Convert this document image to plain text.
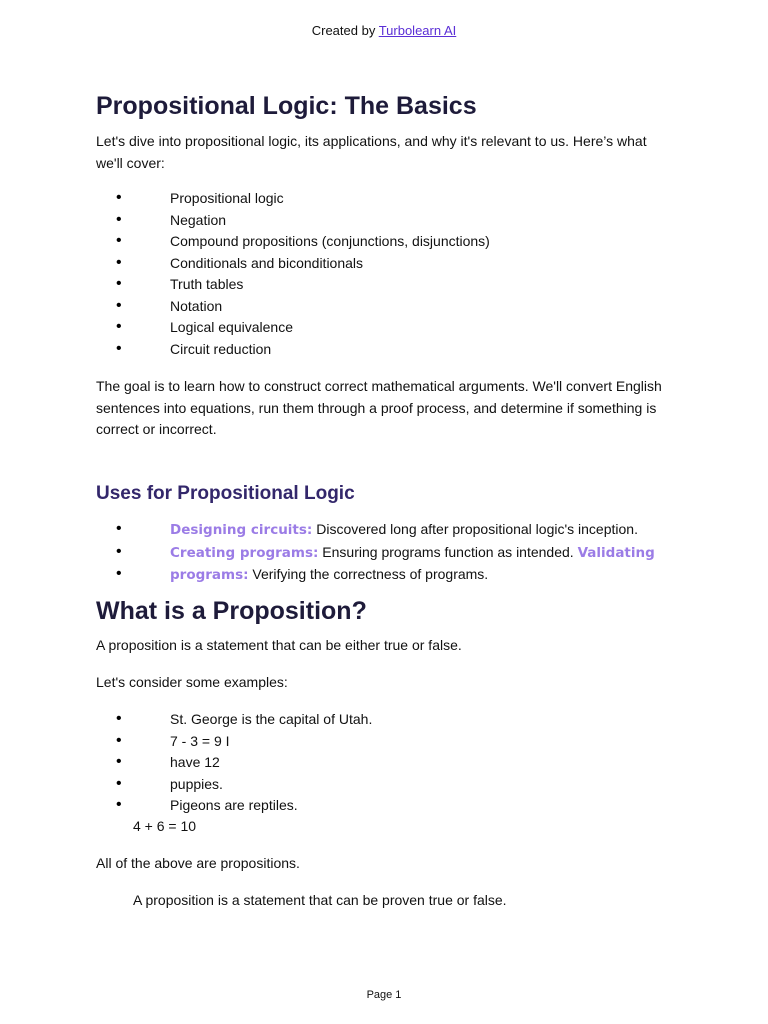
Created by Turbolearn AI
Propositional Logic: The Basics

Let's dive into propositional logic, its applications, and why it's relevant to us. Here’s what we'll cover:

• Propositional logic
• Negation
• Compound propositions (conjunctions, disjunctions)
• Conditionals and biconditionals
• Truth tables
• Notation
• Logical equivalence
• Circuit reduction

The goal is to learn how to construct correct mathematical arguments. We'll convert English sentences into equations, run them through a proof process, and determine if something is correct or incorrect.

Uses for Propositional Logic
• Designing circuits: Discovered long after propositional logic's inception.
• Creating programs: Ensuring programs function as intended. Validating
• programs: Verifying the correctness of programs.
What is a Proposition?

A proposition is a statement that can be either true or false.

Let's consider some examples:

• St. George is the capital of Utah.
• 7 - 3 = 9 I
• have 12
• puppies.
• Pigeons are reptiles.

4 + 6 = 10

All of the above are propositions.

A proposition is a statement that can be proven true or false.

Page 1
